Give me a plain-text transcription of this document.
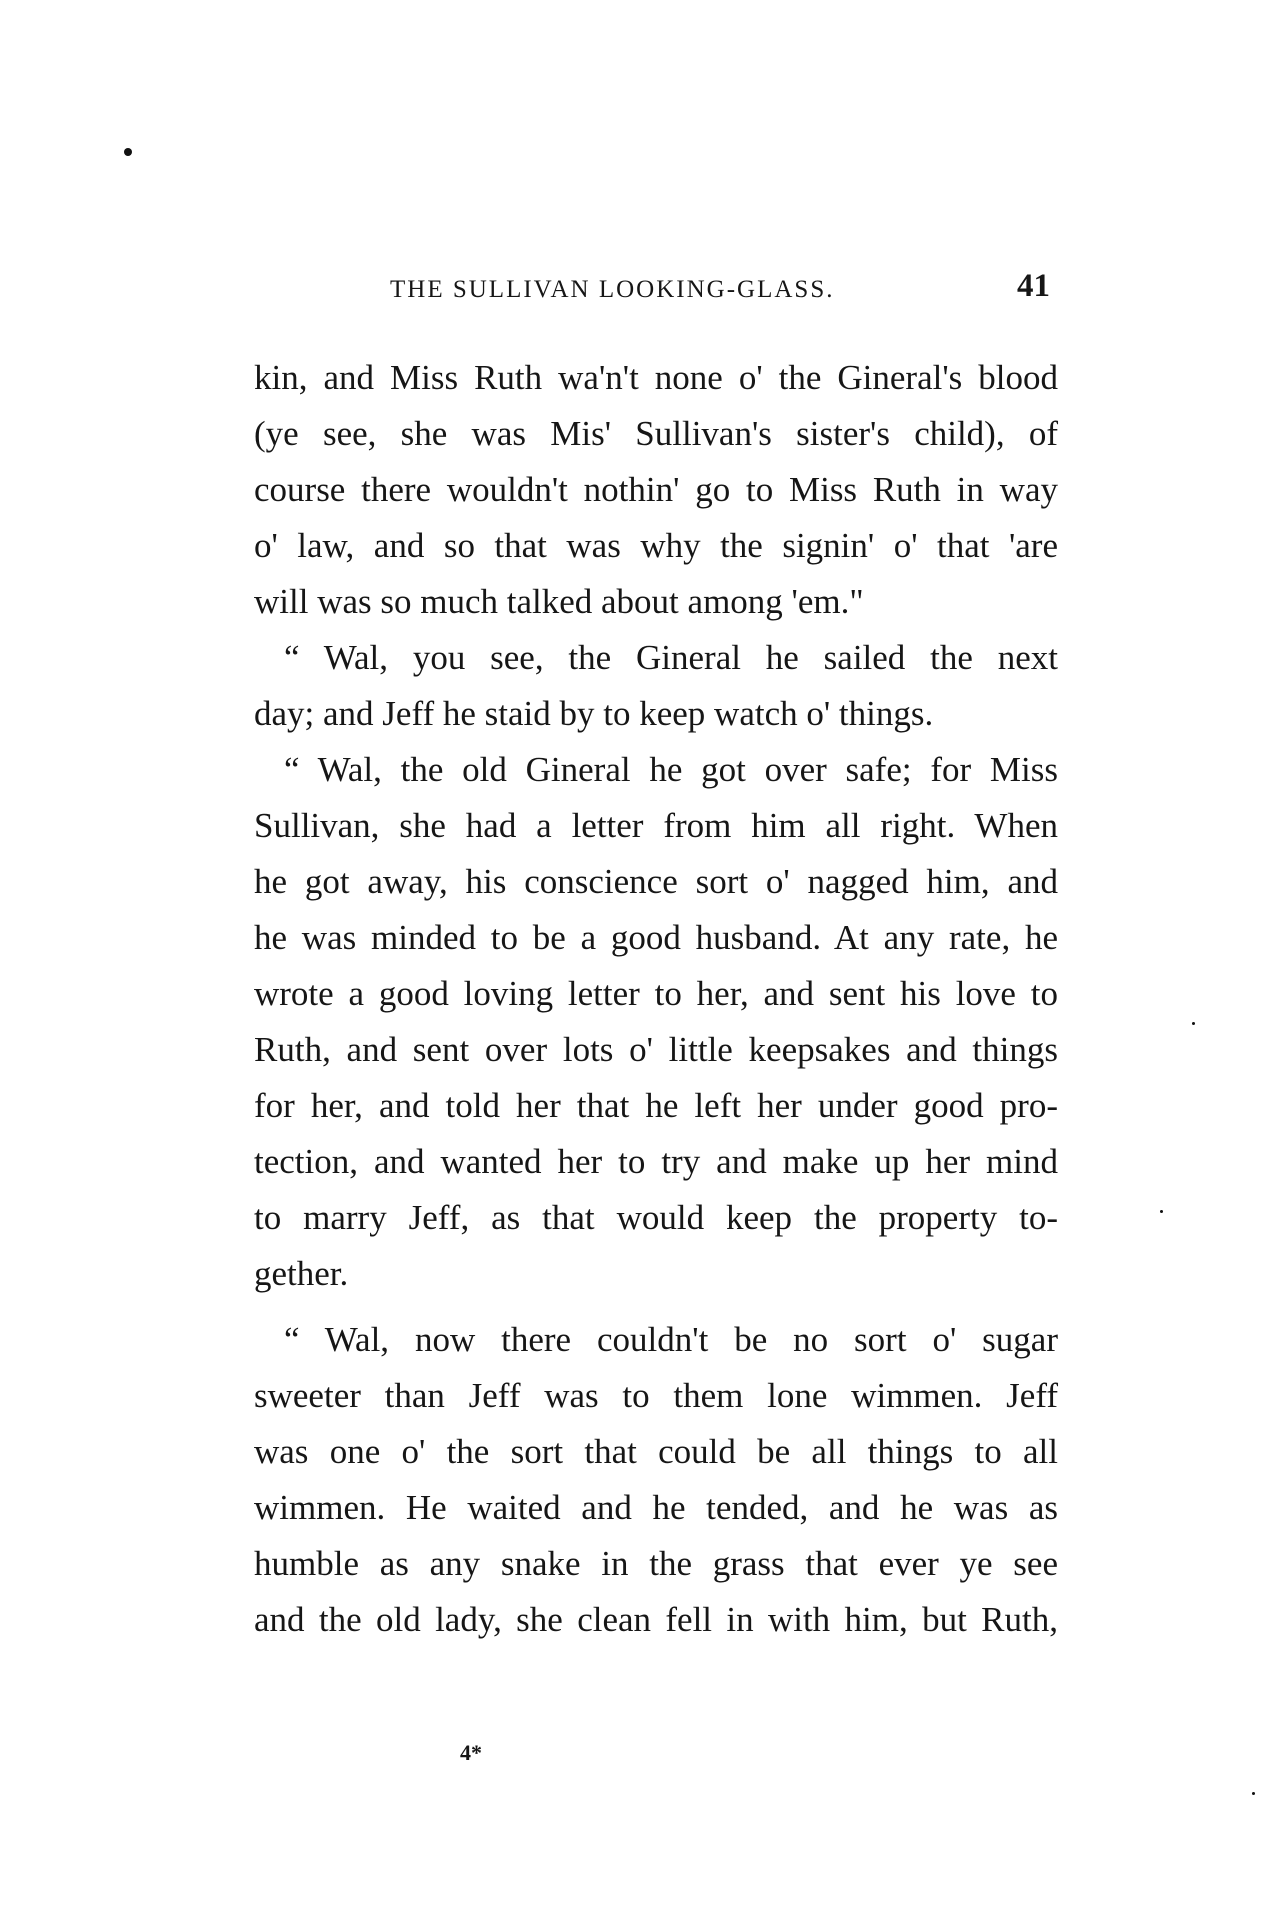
THE SULLIVAN LOOKING-GLASS.	41
kin, and Miss Ruth wa'n't none o' the Gineral's blood
(ye see, she was Mis' Sullivan's sister's child), of
course there wouldn't nothin' go to Miss Ruth in way
o' law, and so that was why the signin' o' that 'are
will was so much talked about among 'em."
“ Wal, you see, the Gineral he sailed the next
day; and Jeff he staid by to keep watch o' things.
“ Wal, the old Gineral he got over safe; for Miss
Sullivan, she had a letter from him all right. When
he got away, his conscience sort o' nagged him, and
he was minded to be a good husband. At any rate, he
wrote a good loving letter to her, and sent his love to
Ruth, and sent over lots o' little keepsakes and things
for her, and told her that he left her under good pro-
tection, and wanted her to try and make up her mind
to marry Jeff, as that would keep the property to-
gether.
“ Wal, now there couldn't be no sort o' sugar
sweeter than Jeff was to them lone wimmen. Jeff
was one o' the sort that could be all things to all
wimmen. He waited and he tended, and he was as
humble as any snake in the grass that ever ye see
and the old lady, she clean fell in with him, but Ruth,
4*
